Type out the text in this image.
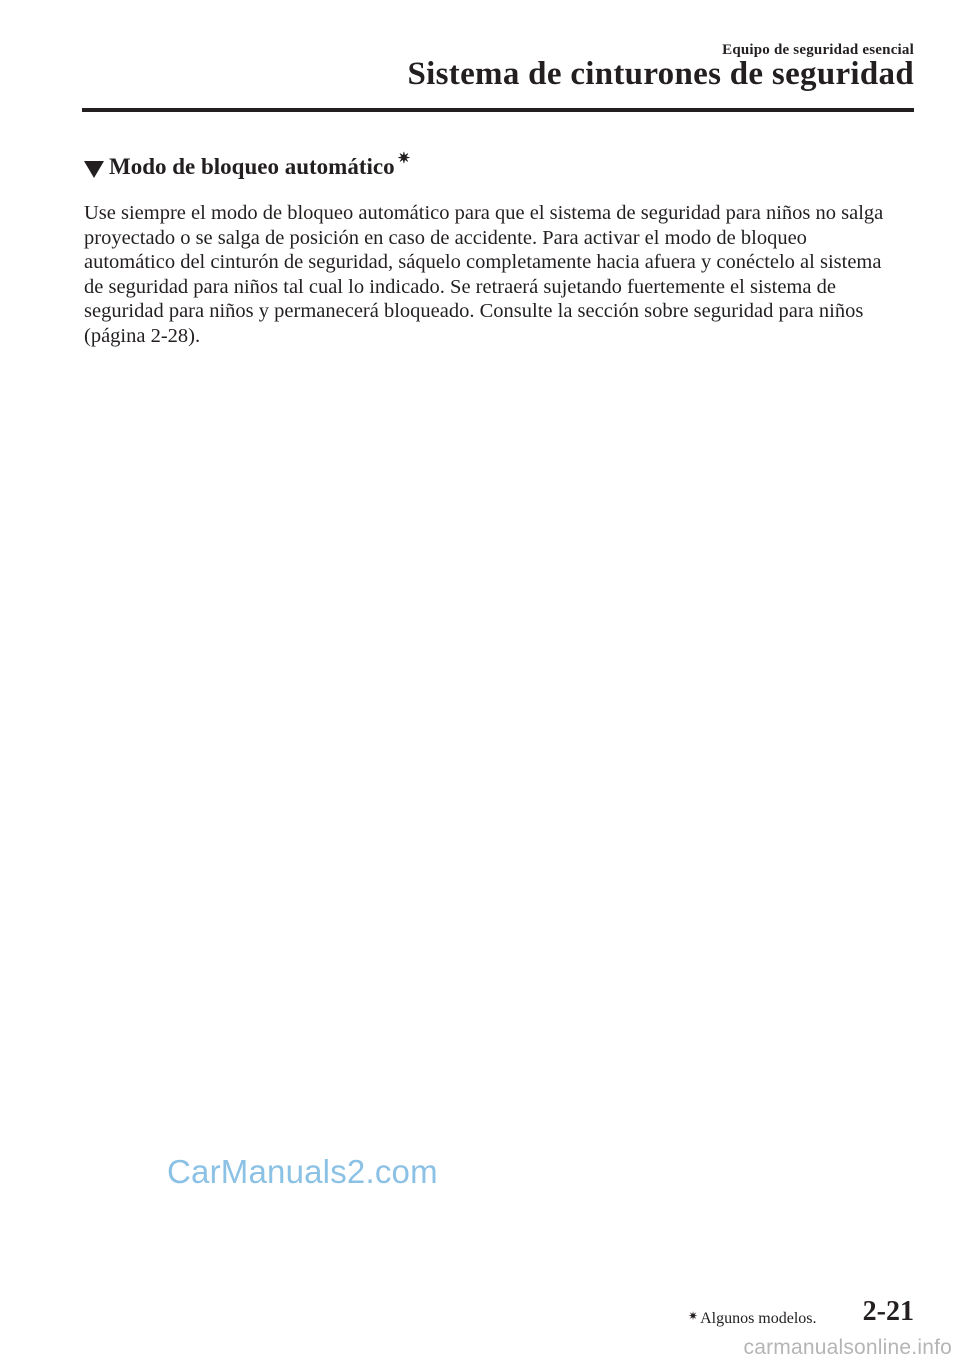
Equipo de seguridad esencial
Sistema de cinturones de seguridad
Modo de bloqueo automático ✷

Use siempre el modo de bloqueo automático para que el sistema de seguridad para niños no salga proyectado o se salga de posición en caso de accidente. Para activar el modo de bloqueo automático del cinturón de seguridad, sáquelo completamente hacia afuera y conéctelo al sistema de seguridad para niños tal cual lo indicado. Se retraerá sujetando fuertemente el sistema de seguridad para niños y permanecerá bloqueado. Consulte la sección sobre seguridad para niños (página 2-28).

CarManuals2.com
✷ Algunos modelos. 2-21
carmanualsonline.info
